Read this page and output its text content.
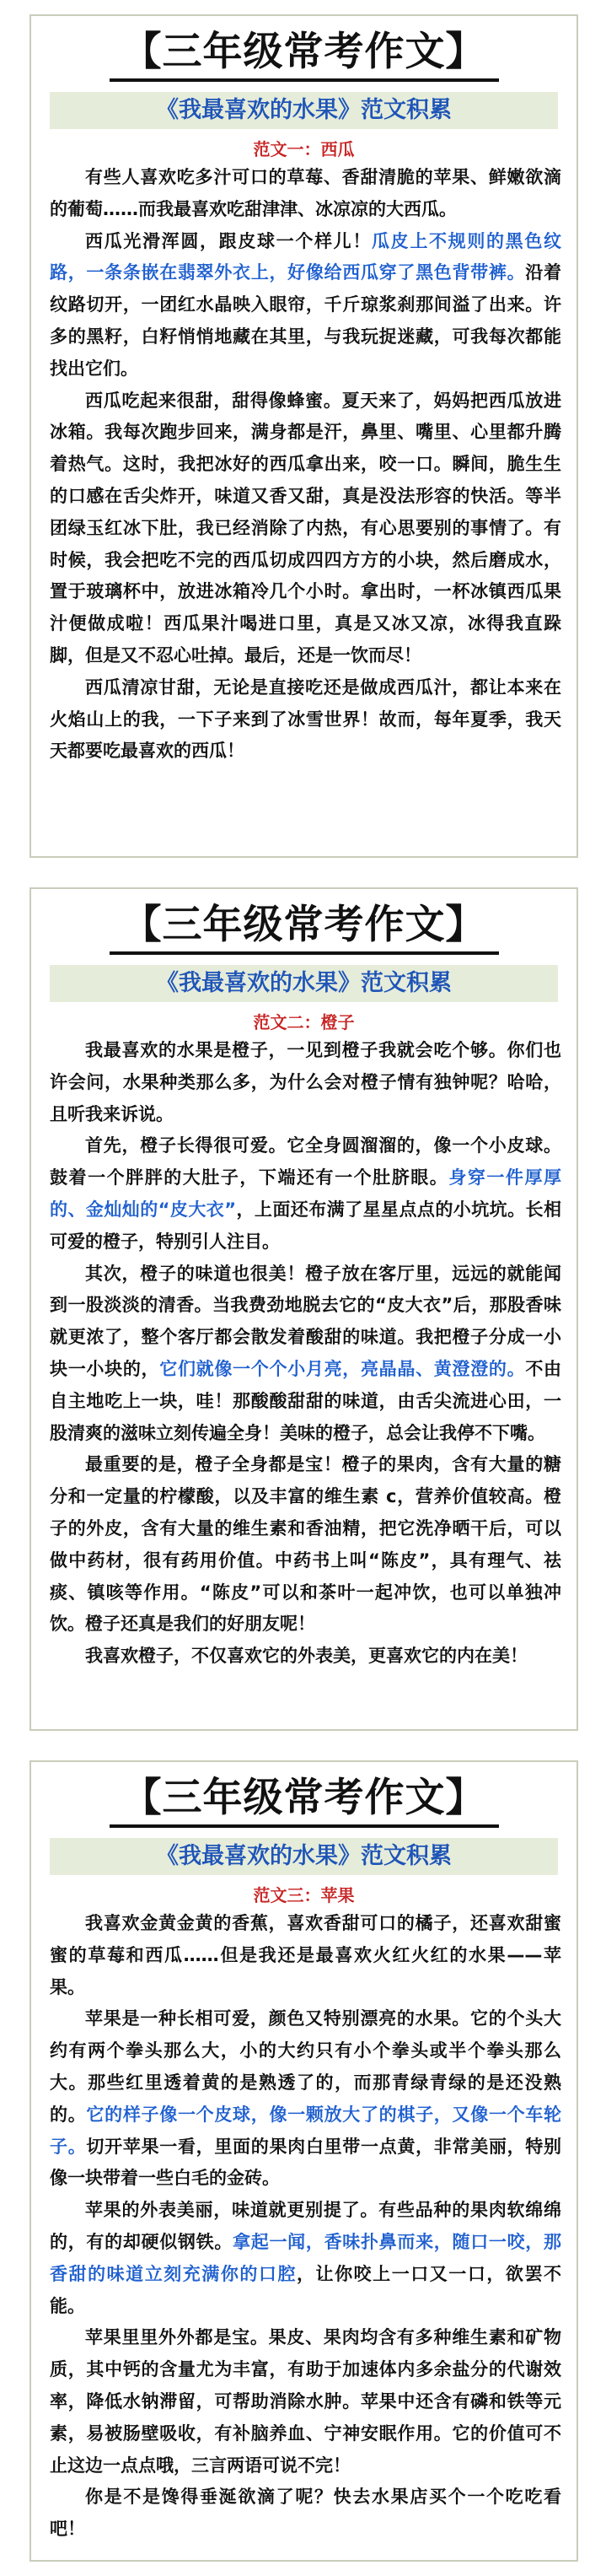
【三年级常考作文】
《我最喜欢的水果》范文积累
范文一：西瓜

有些人喜欢吃多汁可口的草莓、香甜清脆的苹果、鲜嫩欲滴的葡萄……而我最喜欢吃甜津津、冰凉凉的大西瓜。

西瓜光滑浑圆，跟皮球一个样儿！瓜皮上不规则的黑色纹路，一条条嵌在翡翠外衣上，好像给西瓜穿了黑色背带裤。沿着纹路切开，一团红水晶映入眼帘，千斤琼浆刹那间溢了出来。许多的黑籽，白籽悄悄地藏在其里，与我玩捉迷藏，可我每次都能找出它们。

西瓜吃起来很甜，甜得像蜂蜜。夏天来了，妈妈把西瓜放进冰箱。我每次跑步回来，满身都是汗，鼻里、嘴里、心里都升腾着热气。这时，我把冰好的西瓜拿出来，咬一口。瞬间，脆生生的口感在舌尖炸开，味道又香又甜，真是没法形容的快活。等半团绿玉红冰下肚，我已经消除了内热，有心思要别的事情了。有时候，我会把吃不完的西瓜切成四四方方的小块，然后磨成水，置于玻璃杯中，放进冰箱冷几个小时。拿出时，一杯冰镇西瓜果汁便做成啦！西瓜果汁喝进口里，真是又冰又凉，冰得我直跺脚，但是又不忍心吐掉。最后，还是一饮而尽！

西瓜清凉甘甜，无论是直接吃还是做成西瓜汁，都让本来在火焰山上的我，一下子来到了冰雪世界！故而，每年夏季，我天天都要吃最喜欢的西瓜！

【三年级常考作文】
《我最喜欢的水果》范文积累
范文二：橙子

我最喜欢的水果是橙子，一见到橙子我就会吃个够。你们也许会问，水果种类那么多，为什么会对橙子情有独钟呢？哈哈，且听我来诉说。

首先，橙子长得很可爱。它全身圆溜溜的，像一个小皮球。鼓着一个胖胖的大肚子，下端还有一个肚脐眼。身穿一件厚厚的、金灿灿的“皮大衣”，上面还布满了星星点点的小坑坑。长相可爱的橙子，特别引人注目。

其次，橙子的味道也很美！橙子放在客厅里，远远的就能闻到一股淡淡的清香。当我费劲地脱去它的“皮大衣”后，那股香味就更浓了，整个客厅都会散发着酸甜的味道。我把橙子分成一小块一小块的，它们就像一个个小月亮，亮晶晶、黄澄澄的。不由自主地吃上一块，哇！那酸酸甜甜的味道，由舌尖流进心田，一股清爽的滋味立刻传遍全身！美味的橙子，总会让我停不下嘴。

最重要的是，橙子全身都是宝！橙子的果肉，含有大量的糖分和一定量的柠檬酸，以及丰富的维生素 c，营养价值较高。橙子的外皮，含有大量的维生素和香油精，把它洗净晒干后，可以做中药材，很有药用价值。中药书上叫“陈皮”，具有理气、祛痰、镇咳等作用。“陈皮”可以和茶叶一起冲饮，也可以单独冲饮。橙子还真是我们的好朋友呢！

我喜欢橙子，不仅喜欢它的外表美，更喜欢它的内在美！

【三年级常考作文】
《我最喜欢的水果》范文积累
范文三：苹果

我喜欢金黄金黄的香蕉，喜欢香甜可口的橘子，还喜欢甜蜜蜜的草莓和西瓜……但是我还是最喜欢火红火红的水果——苹果。

苹果是一种长相可爱，颜色又特别漂亮的水果。它的个头大约有两个拳头那么大，小的大约只有小个拳头或半个拳头那么大。那些红里透着黄的是熟透了的，而那青绿青绿的是还没熟的。它的样子像一个皮球，像一颗放大了的棋子，又像一个车轮子。切开苹果一看，里面的果肉白里带一点黄，非常美丽，特别像一块带着一些白毛的金砖。

苹果的外表美丽，味道就更别提了。有些品种的果肉软绵绵的，有的却硬似钢铁。拿起一闻，香味扑鼻而来，随口一咬，那香甜的味道立刻充满你的口腔，让你咬上一口又一口，欲罢不能。

苹果里里外外都是宝。果皮、果肉均含有多种维生素和矿物质，其中钙的含量尤为丰富，有助于加速体内多余盐分的代谢效率，降低水钠滞留，可帮助消除水肿。苹果中还含有磷和铁等元素，易被肠壁吸收，有补脑养血、宁神安眠作用。它的价值可不止这边一点点哦，三言两语可说不完！

你是不是馋得垂涎欲滴了呢？快去水果店买个一个吃吃看吧！
